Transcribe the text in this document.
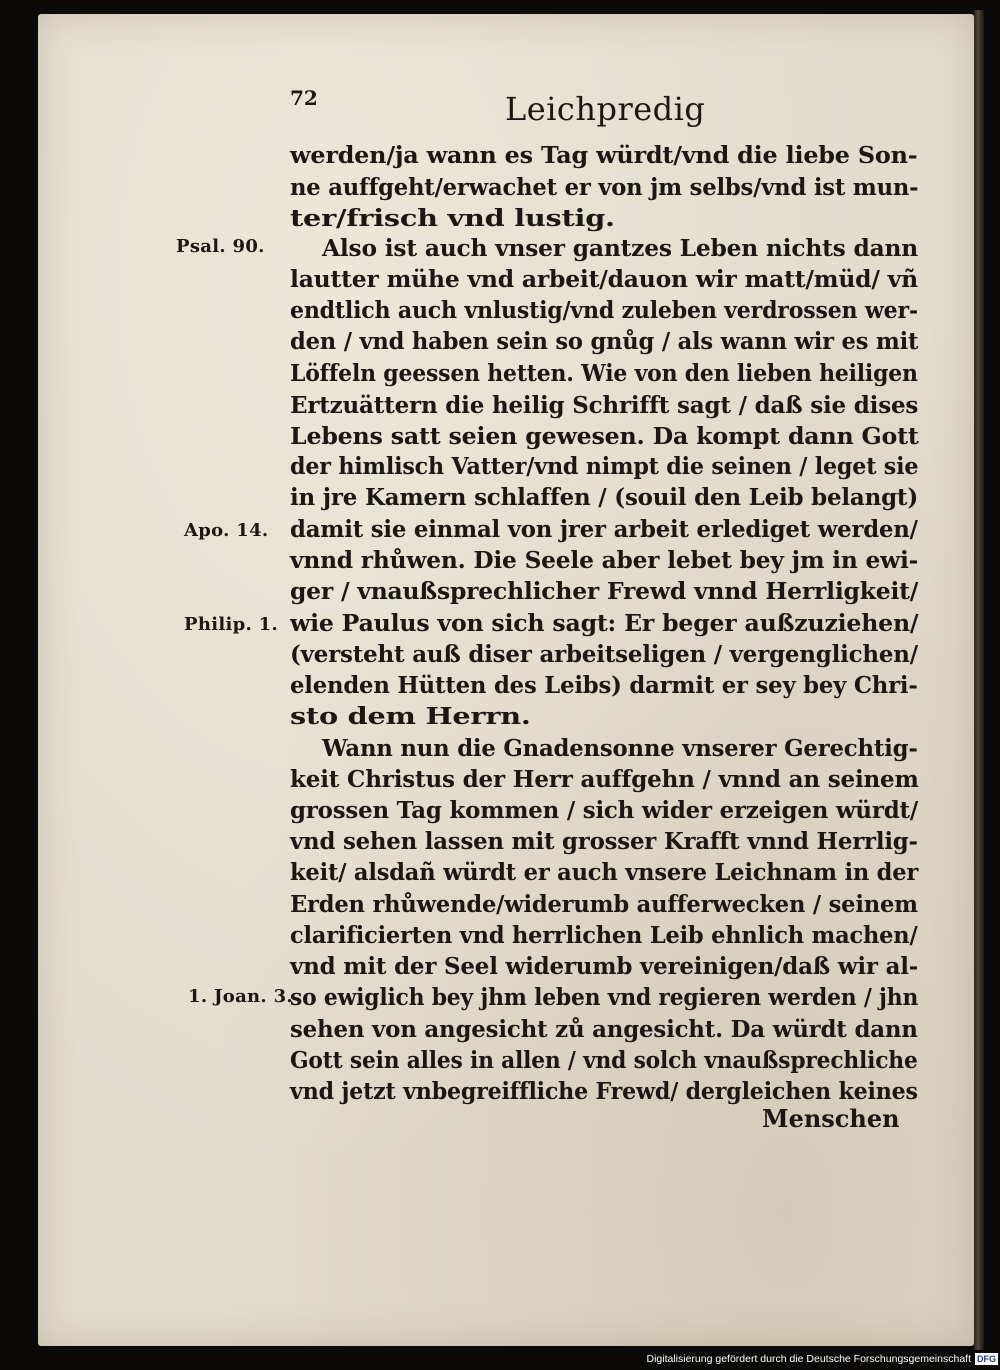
72	Leichpredig
werden/ja wann es Tag würdt/vnd die liebe Son-
ne auffgeht/erwachet er von jm selbs/vnd ist mun-
ter/frisch vnd lustig.
Also ist auch vnser gantzes Leben nichts dann
lautter mühe vnd arbeit/dauon wir matt/müd/ vñ
endtlich auch vnlustig/vnd zuleben verdrossen wer-
den / vnd haben sein so gnůg / als wann wir es mit
Löffeln geessen hetten. Wie von den lieben heiligen
Ertzuättern die heilig Schrifft sagt / daß sie dises
Lebens satt seien gewesen. Da kompt dann Gott
der himlisch Vatter/vnd nimpt die seinen / leget sie
in jre Kamern schlaffen / (souil den Leib belangt)
damit sie einmal von jrer arbeit erlediget werden/
vnnd rhůwen. Die Seele aber lebet bey jm in ewi-
ger / vnaußsprechlicher Frewd vnnd Herrligkeit/
wie Paulus von sich sagt: Er beger außzuziehen/
(versteht auß diser arbeitseligen / vergenglichen/
elenden Hütten des Leibs) darmit er sey bey Chri-
sto dem Herrn.
Wann nun die Gnadensonne vnserer Gerechtig-
keit Christus der Herr auffgehn / vnnd an seinem
grossen Tag kommen / sich wider erzeigen würdt/
vnd sehen lassen mit grosser Krafft vnnd Herrlig-
keit/ alsdañ würdt er auch vnsere Leichnam in der
Erden rhůwende/widerumb aufferwecken / seinem
clarificierten vnd herrlichen Leib ehnlich machen/
vnd mit der Seel widerumb vereinigen/daß wir al-
so ewiglich bey jhm leben vnd regieren werden / jhn
sehen von angesicht zů angesicht. Da würdt dann
Gott sein alles in allen / vnd solch vnaußsprechliche
vnd jetzt vnbegreiffliche Frewd/ dergleichen keines
Menschen
Psal. 90.
Apo. 14.
Philip. 1.
1. Joan. 3.
Digitalisierung gefördert durch die Deutsche Forschungsgemeinschaft DFG
